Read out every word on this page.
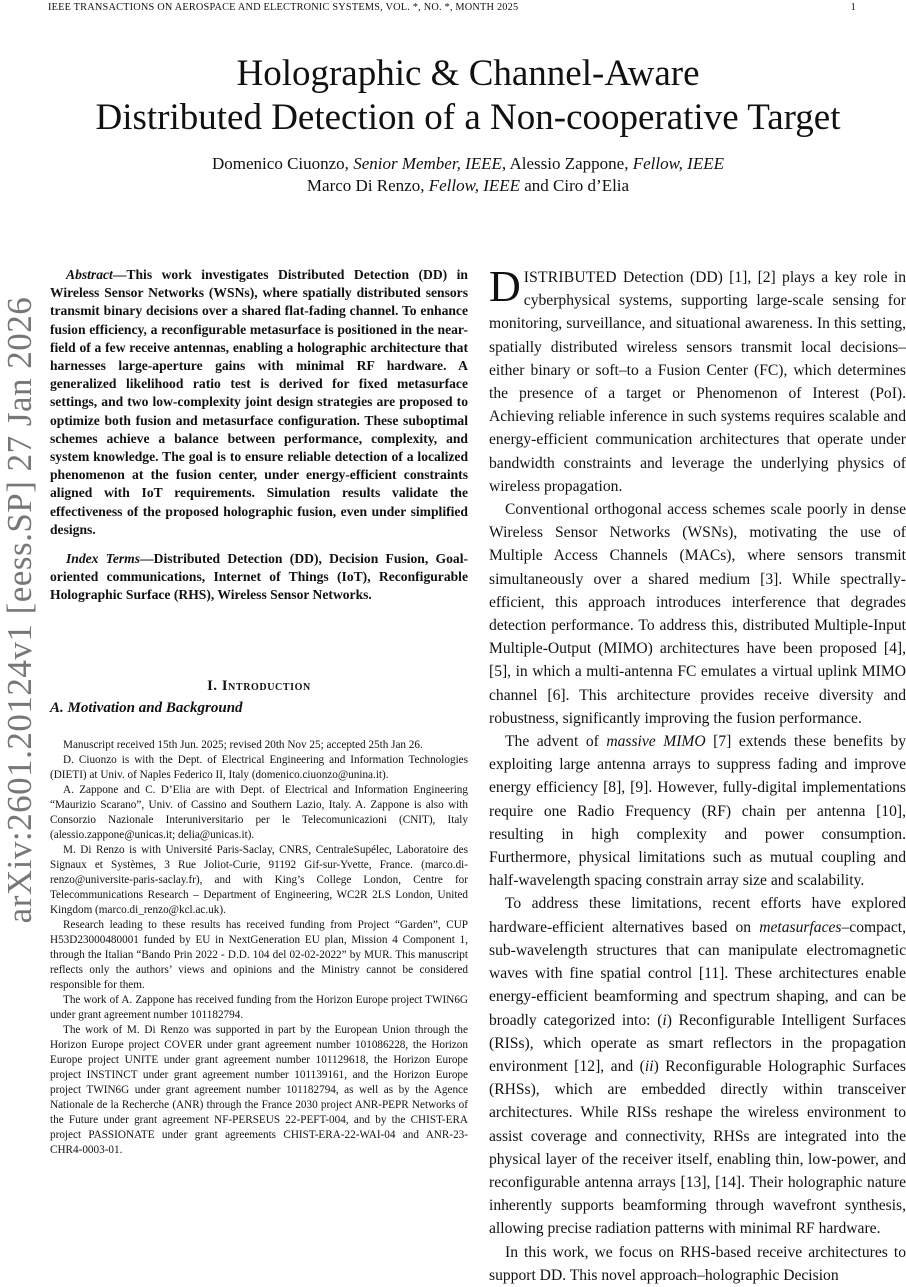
IEEE TRANSACTIONS ON AEROSPACE AND ELECTRONIC SYSTEMS, VOL. *, NO. *, MONTH 2025	1
arXiv:2601.20124v1 [eess.SP] 27 Jan 2026
Holographic & Channel-Aware
Distributed Detection of a Non-cooperative Target
Domenico Ciuonzo, Senior Member, IEEE, Alessio Zappone, Fellow, IEEE
Marco Di Renzo, Fellow, IEEE and Ciro d’Elia

Abstract—This work investigates Distributed Detection (DD) in Wireless Sensor Networks (WSNs), where spatially distributed sensors transmit binary decisions over a shared flat-fading channel. To enhance fusion efficiency, a reconfigurable metasurface is positioned in the near-field of a few receive antennas, enabling a holographic architecture that harnesses large-aperture gains with minimal RF hardware. A generalized likelihood ratio test is derived for fixed metasurface settings, and two low-complexity joint design strategies are proposed to optimize both fusion and metasurface configuration. These suboptimal schemes achieve a balance between performance, complexity, and system knowledge. The goal is to ensure reliable detection of a localized phenomenon at the fusion center, under energy-efficient constraints aligned with IoT requirements. Simulation results validate the effectiveness of the proposed holographic fusion, even under simplified designs.

Index Terms—Distributed Detection (DD), Decision Fusion, Goal-oriented communications, Internet of Things (IoT), Reconfigurable Holographic Surface (RHS), Wireless Sensor Networks.

I. Introduction
A. Motivation and Background

Manuscript received 15th Jun. 2025; revised 20th Nov 25; accepted 25th Jan 26.

D. Ciuonzo is with the Dept. of Electrical Engineering and Information Technologies (DIETI) at Univ. of Naples Federico II, Italy (domenico.ciuonzo@unina.it).

A. Zappone and C. D’Elia are with Dept. of Electrical and Information Engineering “Maurizio Scarano”, Univ. of Cassino and Southern Lazio, Italy. A. Zappone is also with Consorzio Nazionale Interuniversitario per le Telecomunicazioni (CNIT), Italy (alessio.zappone@unicas.it; delia@unicas.it).

M. Di Renzo is with Université Paris-Saclay, CNRS, CentraleSupélec, Laboratoire des Signaux et Systèmes, 3 Rue Joliot-Curie, 91192 Gif-sur-Yvette, France. (marco.di-renzo@universite-paris-saclay.fr), and with King’s College London, Centre for Telecommunications Research – Department of Engineering, WC2R 2LS London, United Kingdom (marco.di_renzo@kcl.ac.uk).

Research leading to these results has received funding from Project “Garden”, CUP H53D23000480001 funded by EU in NextGeneration EU plan, Mission 4 Component 1, through the Italian “Bando Prin 2022 - D.D. 104 del 02-02-2022” by MUR. This manuscript reflects only the authors’ views and opinions and the Ministry cannot be considered responsible for them.

The work of A. Zappone has received funding from the Horizon Europe project TWIN6G under grant agreement number 101182794.

The work of M. Di Renzo was supported in part by the European Union through the Horizon Europe project COVER under grant agreement number 101086228, the Horizon Europe project UNITE under grant agreement number 101129618, the Horizon Europe project INSTINCT under grant agreement number 101139161, and the Horizon Europe project TWIN6G under grant agreement number 101182794, as well as by the Agence Nationale de la Recherche (ANR) through the France 2030 project ANR-PEPR Networks of the Future under grant agreement NF-PERSEUS 22-PEFT-004, and by the CHIST-ERA project PASSIONATE under grant agreements CHIST-ERA-22-WAI-04 and ANR-23-CHR4-0003-01.

DISTRIBUTED Detection (DD) [1], [2] plays a key role in cyberphysical systems, supporting large-scale sensing for monitoring, surveillance, and situational awareness. In this setting, spatially distributed wireless sensors transmit local decisions–either binary or soft–to a Fusion Center (FC), which determines the presence of a target or Phenomenon of Interest (PoI). Achieving reliable inference in such systems requires scalable and energy-efficient communication architectures that operate under bandwidth constraints and leverage the underlying physics of wireless propagation.

Conventional orthogonal access schemes scale poorly in dense Wireless Sensor Networks (WSNs), motivating the use of Multiple Access Channels (MACs), where sensors transmit simultaneously over a shared medium [3]. While spectrally-efficient, this approach introduces interference that degrades detection performance. To address this, distributed Multiple-Input Multiple-Output (MIMO) architectures have been proposed [4], [5], in which a multi-antenna FC emulates a virtual uplink MIMO channel [6]. This architecture provides receive diversity and robustness, significantly improving the fusion performance.

The advent of massive MIMO [7] extends these benefits by exploiting large antenna arrays to suppress fading and improve energy efficiency [8], [9]. However, fully-digital implementations require one Radio Frequency (RF) chain per antenna [10], resulting in high complexity and power consumption. Furthermore, physical limitations such as mutual coupling and half-wavelength spacing constrain array size and scalability.

To address these limitations, recent efforts have explored hardware-efficient alternatives based on metasurfaces–compact, sub-wavelength structures that can manipulate electromagnetic waves with fine spatial control [11]. These architectures enable energy-efficient beamforming and spectrum shaping, and can be broadly categorized into: (i) Reconfigurable Intelligent Surfaces (RISs), which operate as smart reflectors in the propagation environment [12], and (ii) Reconfigurable Holographic Surfaces (RHSs), which are embedded directly within transceiver architectures. While RISs reshape the wireless environment to assist coverage and connectivity, RHSs are integrated into the physical layer of the receiver itself, enabling thin, low-power, and reconfigurable antenna arrays [13], [14]. Their holographic nature inherently supports beamforming through wavefront synthesis, allowing precise radiation patterns with minimal RF hardware.

In this work, we focus on RHS-based receive architectures to support DD. This novel approach–holographic Decision
